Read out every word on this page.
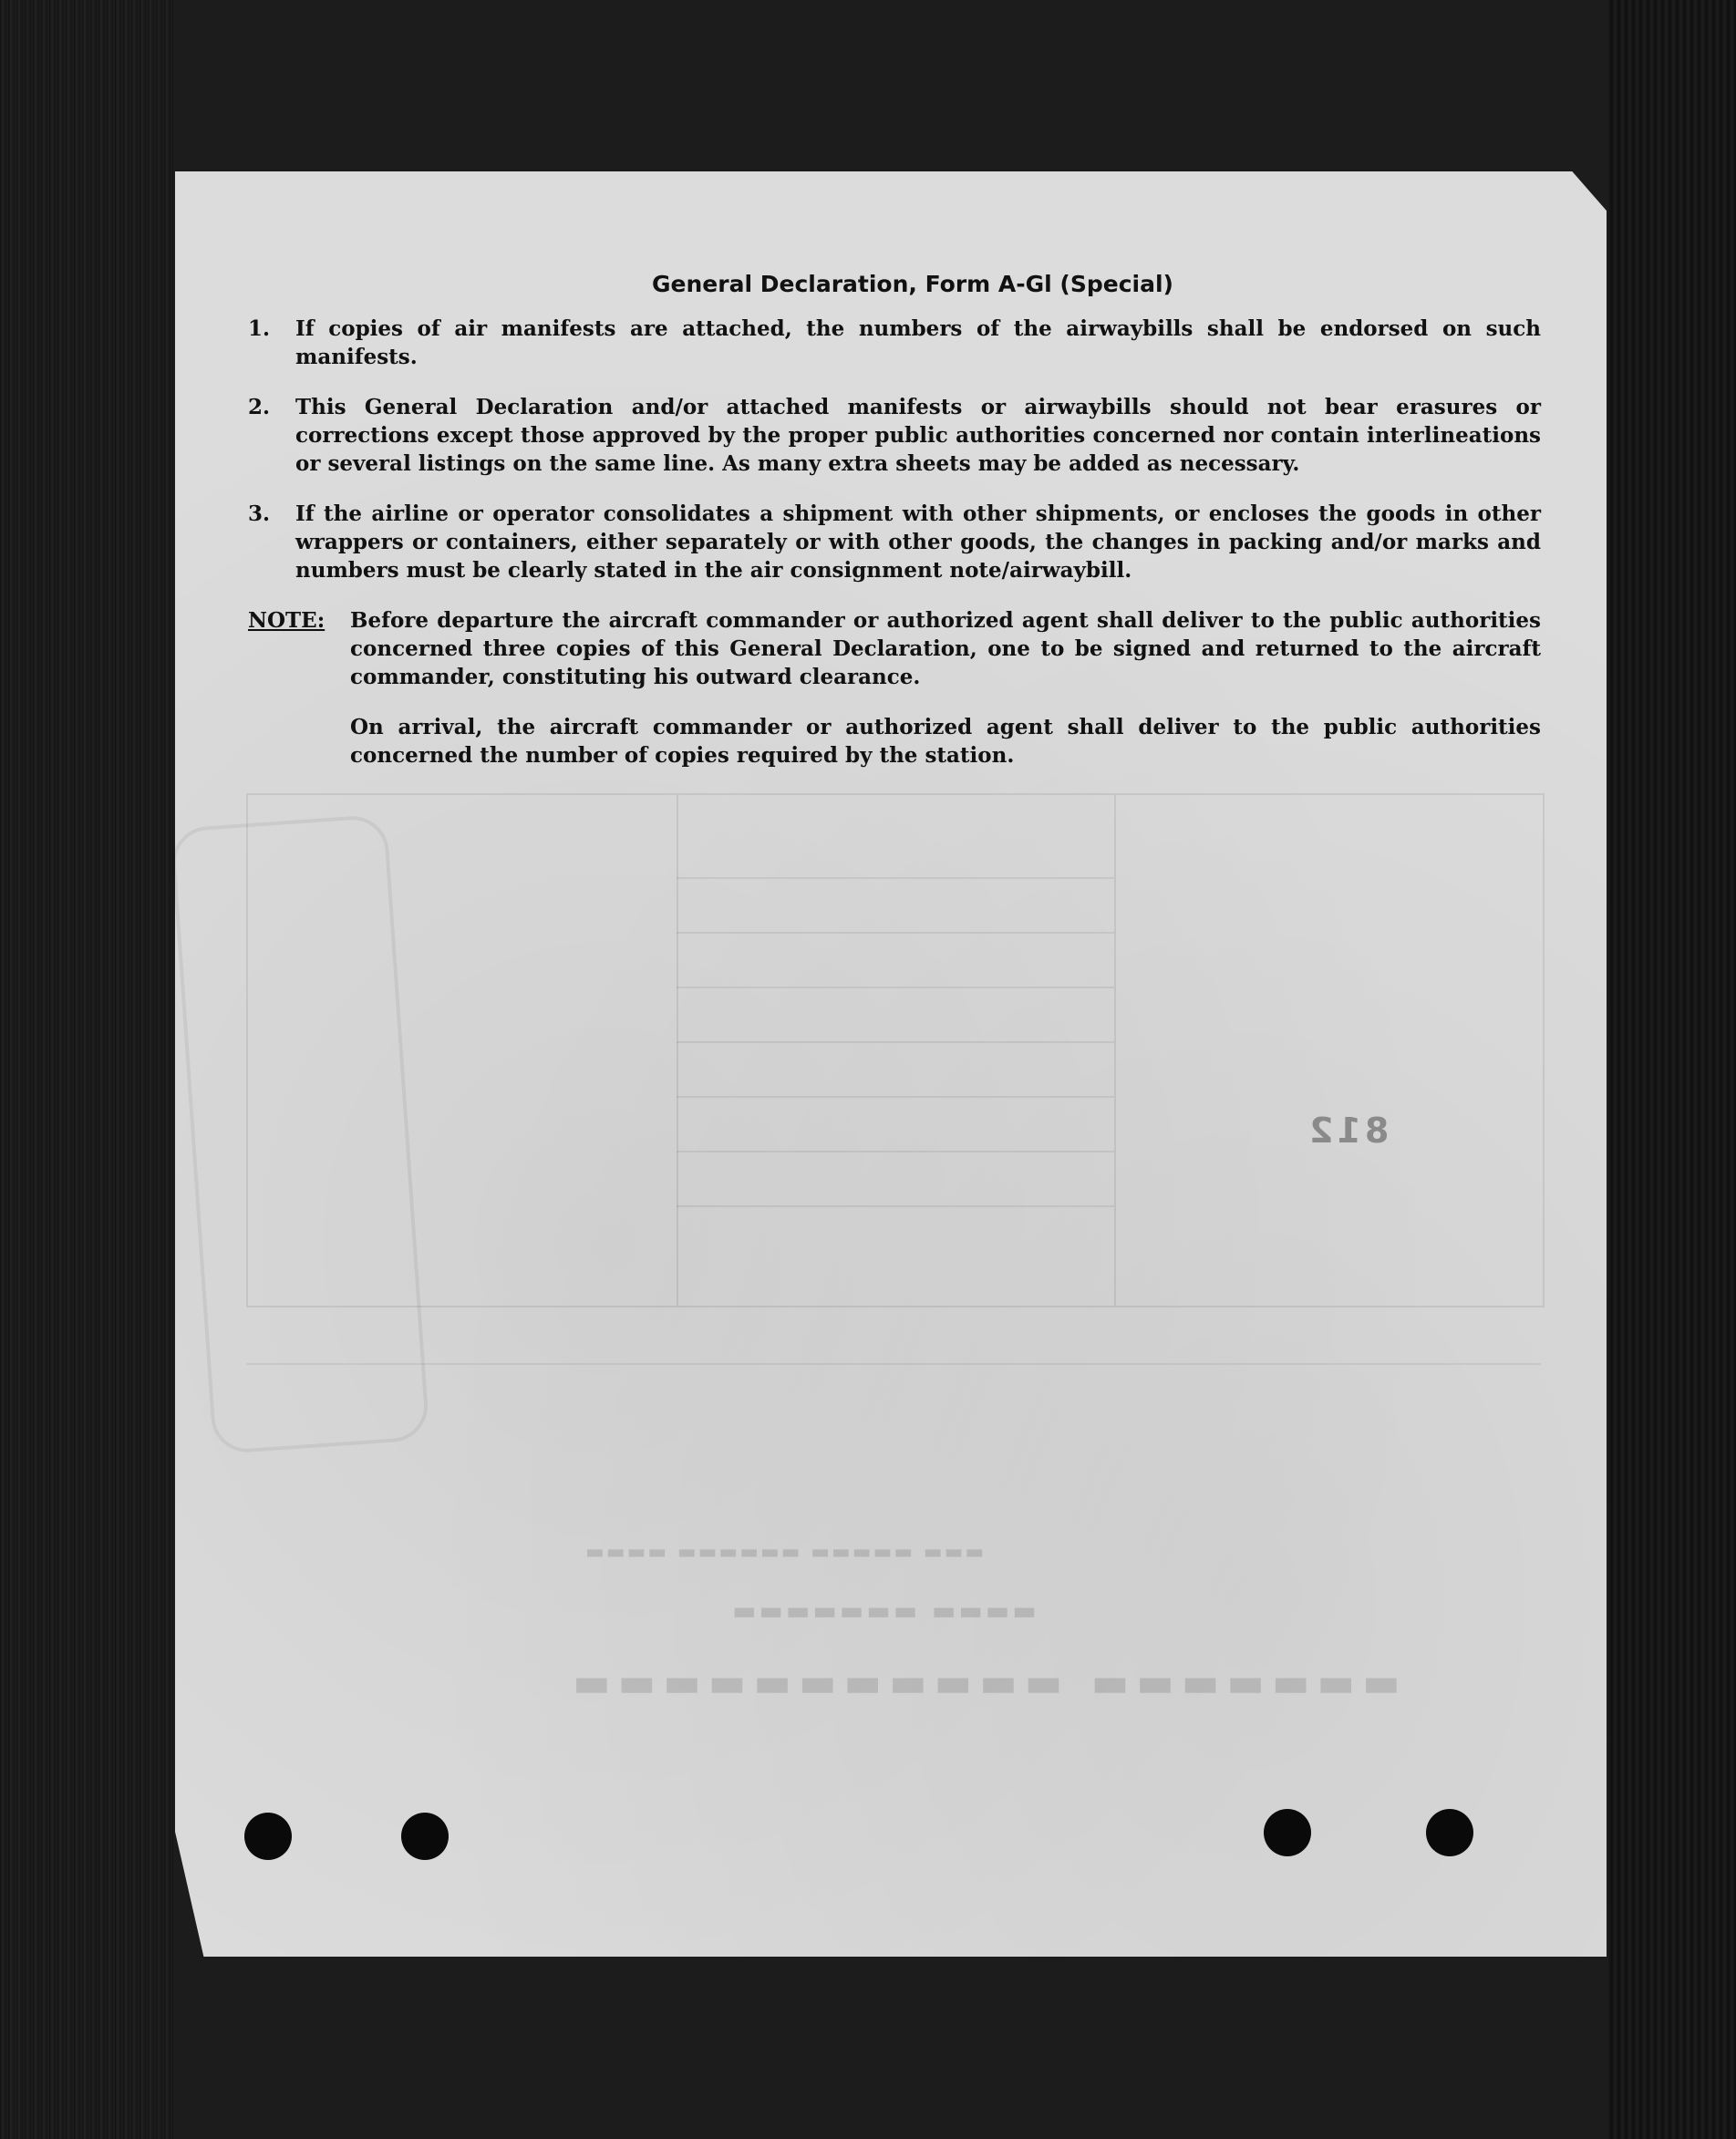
▬▬▬ ▬▬▬▬▬ ▬▬▬▬▬▬ ▬▬▬▬
▬▬▬▬ ▬▬▬▬▬▬▬
▬▬▬▬▬▬▬ ▬▬▬▬▬▬▬▬▬▬▬
812
General Declaration, Form A-Gl (Special)
1.	If copies of air manifests are attached, the numbers of the airwaybills shall be endorsed on such manifests.
2.	This General Declaration and/or attached manifests or airwaybills should not bear erasures or corrections except those approved by the proper public authorities concerned nor contain interlineations or several listings on the same line. As many extra sheets may be added as necessary.
3.	If the airline or operator consolidates a shipment with other shipments, or encloses the goods in other wrappers or containers, either separately or with other goods, the changes in packing and/or marks and numbers must be clearly stated in the air consignment note/airwaybill.
NOTE:	Before departure the aircraft commander or authorized agent shall deliver to the public authorities concerned three copies of this General Declaration, one to be signed and returned to the aircraft commander, constituting his outward clearance.
On arrival, the aircraft commander or authorized agent shall deliver to the public authorities concerned the number of copies required by the station.
